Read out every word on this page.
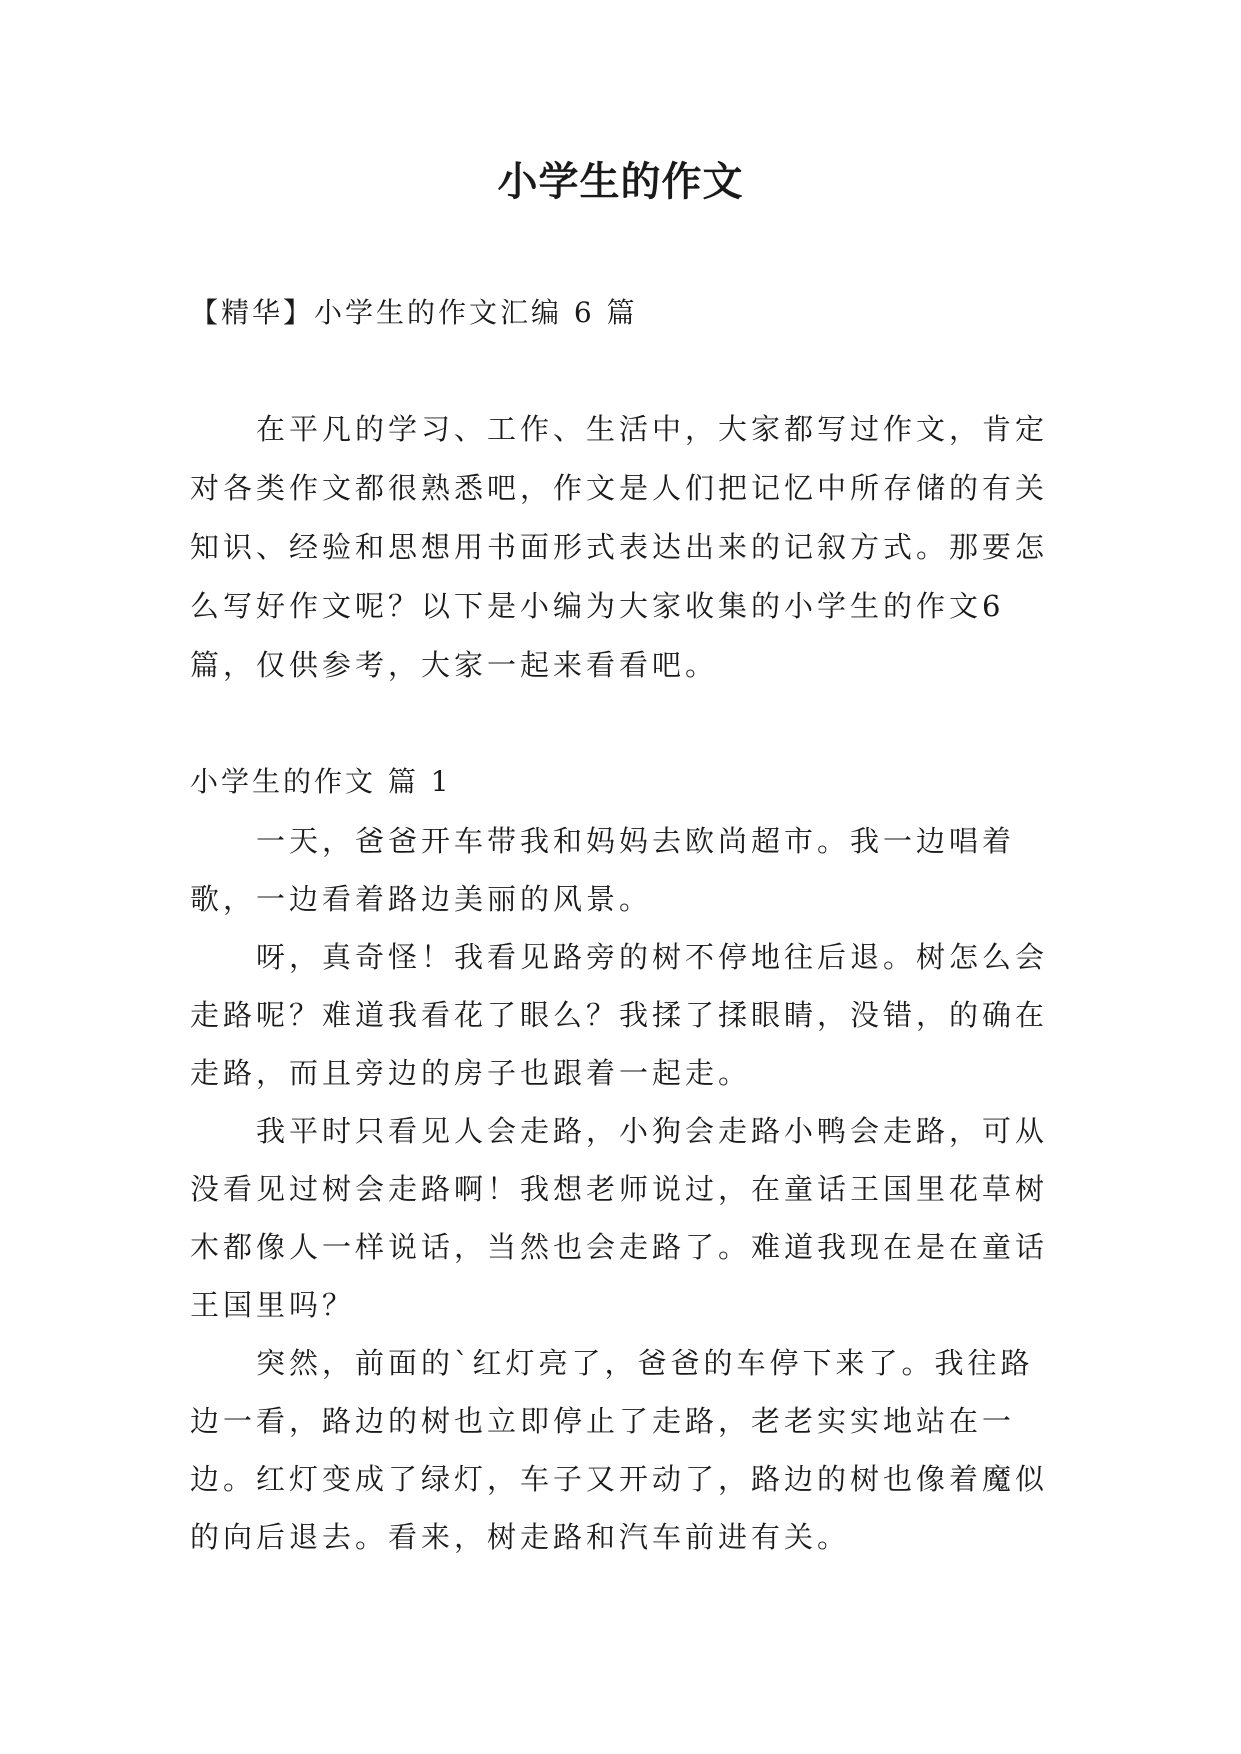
小学生的作文

【精华】小学生的作文汇编 6 篇

在平凡的学习、工作、生活中，大家都写过作文，肯定对各类作文都很熟悉吧，作文是人们把记忆中所存储的有关知识、经验和思想用书面形式表达出来的记叙方式。那要怎么写好作文呢？以下是小编为大家收集的小学生的作文6篇，仅供参考，大家一起来看看吧。

小学生的作文 篇 1

一天，爸爸开车带我和妈妈去欧尚超市。我一边唱着歌，一边看着路边美丽的风景。

呀，真奇怪！我看见路旁的树不停地往后退。树怎么会走路呢？难道我看花了眼么？我揉了揉眼睛，没错，的确在走路，而且旁边的房子也跟着一起走。

我平时只看见人会走路，小狗会走路小鸭会走路，可从没看见过树会走路啊！我想老师说过，在童话王国里花草树木都像人一样说话，当然也会走路了。难道我现在是在童话王国里吗？

突然，前面的`红灯亮了，爸爸的车停下来了。我往路边一看，路边的树也立即停止了走路，老老实实地站在一边。红灯变成了绿灯，车子又开动了，路边的树也像着魔似的向后退去。看来，树走路和汽车前进有关。
